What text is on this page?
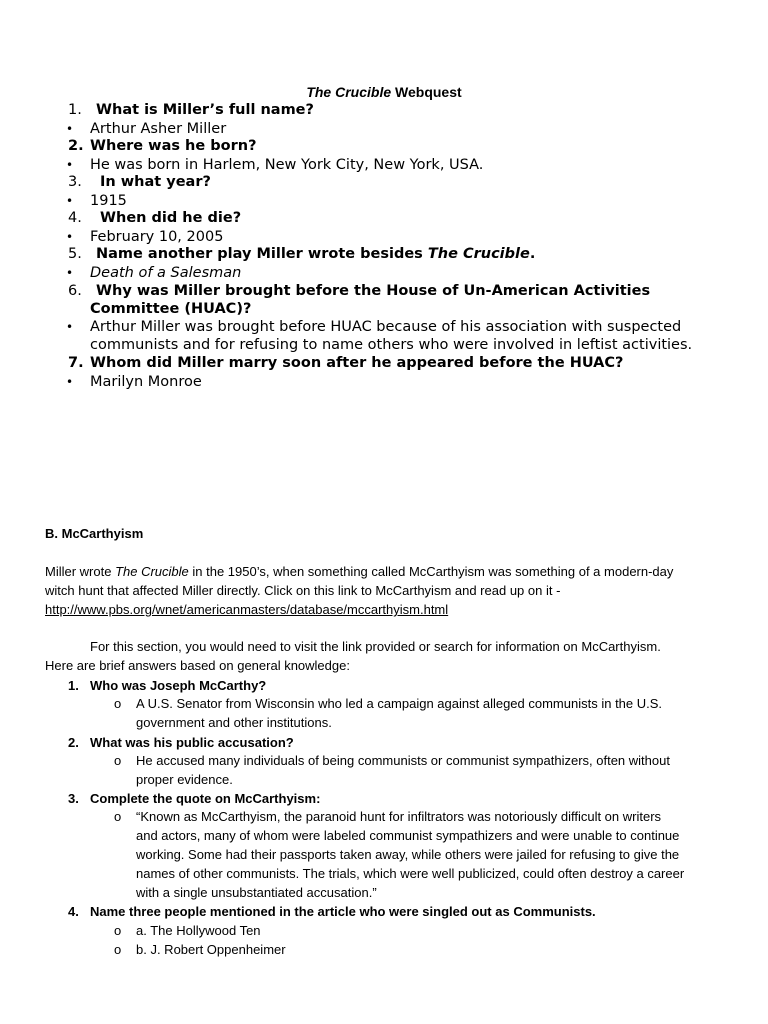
The Crucible Webquest
1. What is Miller’s full name?
• Arthur Asher Miller
2. Where was he born?
• He was born in Harlem, New York City, New York, USA.
3. In what year?
• 1915
4. When did he die?
• February 10, 2005
5. Name another play Miller wrote besides The Crucible.
• Death of a Salesman
6. Why was Miller brought before the House of Un-American Activities
Committee (HUAC)?
• Arthur Miller was brought before HUAC because of his association with suspected
communists and for refusing to name others who were involved in leftist activities.
7. Whom did Miller marry soon after he appeared before the HUAC?
• Marilyn Monroe
B. McCarthyism
Miller wrote The Crucible in the 1950’s, when something called McCarthyism was something of a modern-day
witch hunt that affected Miller directly. Click on this link to McCarthyism and read up on it -
http://www.pbs.org/wnet/americanmasters/database/mccarthyism.html
For this section, you would need to visit the link provided or search for information on McCarthyism.
Here are brief answers based on general knowledge:
1. Who was Joseph McCarthy?
o A U.S. Senator from Wisconsin who led a campaign against alleged communists in the U.S.
government and other institutions.
2. What was his public accusation?
o He accused many individuals of being communists or communist sympathizers, often without
proper evidence.
3. Complete the quote on McCarthyism:
o “Known as McCarthyism, the paranoid hunt for infiltrators was notoriously difficult on writers
and actors, many of whom were labeled communist sympathizers and were unable to continue
working. Some had their passports taken away, while others were jailed for refusing to give the
names of other communists. The trials, which were well publicized, could often destroy a career
with a single unsubstantiated accusation.”
4. Name three people mentioned in the article who were singled out as Communists.
o a. The Hollywood Ten
o b. J. Robert Oppenheimer
